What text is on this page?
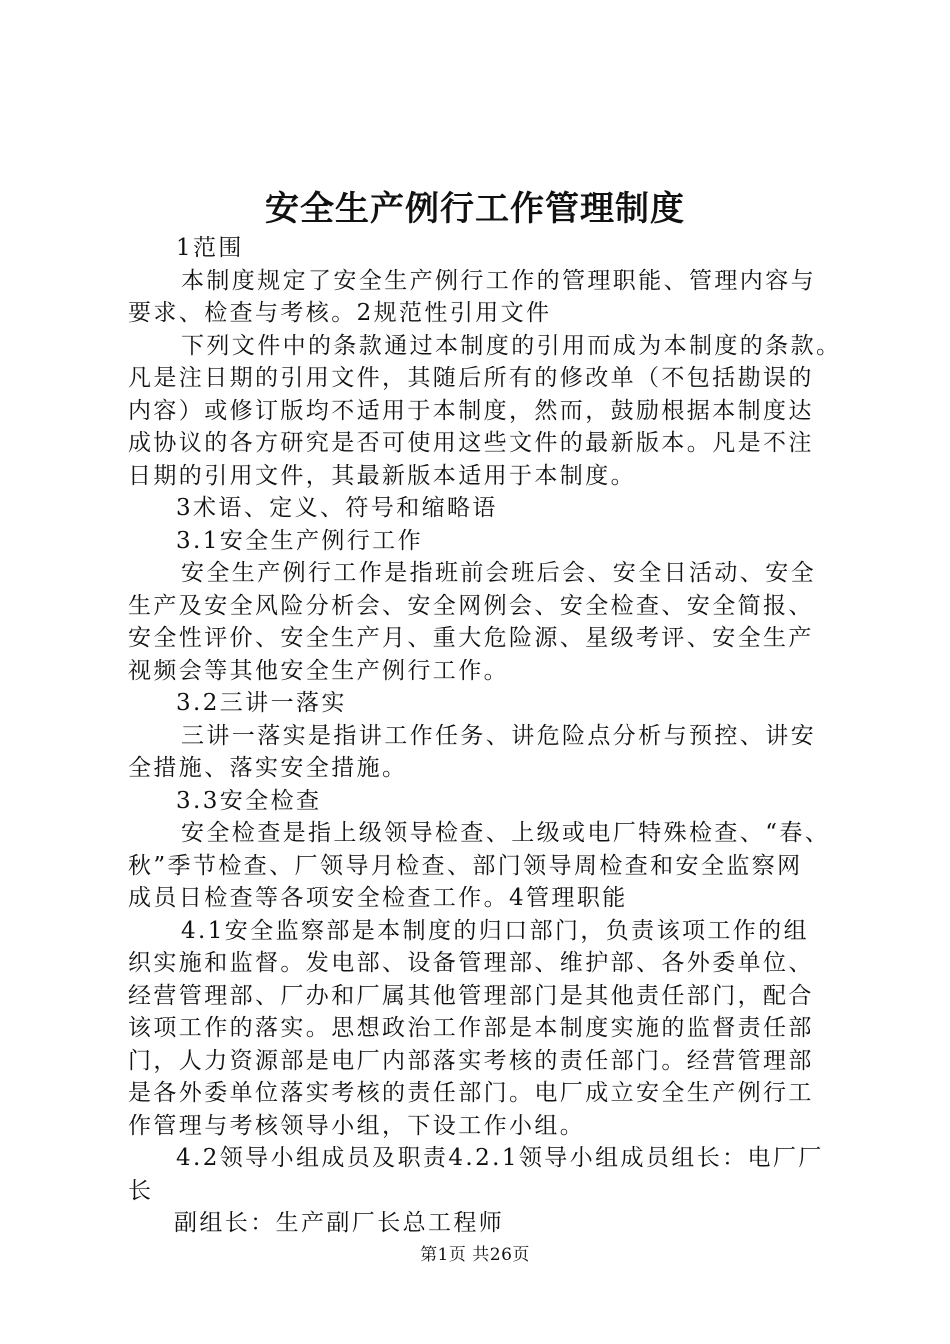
安全生产例行工作管理制度
1范围
本制度规定了安全生产例行工作的管理职能、管理内容与
要求、检查与考核。2规范性引用文件
下列文件中的条款通过本制度的引用而成为本制度的条款。
凡是注日期的引用文件，其随后所有的修改单（不包括勘误的
内容）或修订版均不适用于本制度，然而，鼓励根据本制度达
成协议的各方研究是否可使用这些文件的最新版本。凡是不注
日期的引用文件，其最新版本适用于本制度。
3术语、定义、符号和缩略语
3.1安全生产例行工作
安全生产例行工作是指班前会班后会、安全日活动、安全
生产及安全风险分析会、安全网例会、安全检查、安全简报、
安全性评价、安全生产月、重大危险源、星级考评、安全生产
视频会等其他安全生产例行工作。
3.2三讲一落实
三讲一落实是指讲工作任务、讲危险点分析与预控、讲安
全措施、落实安全措施。
3.3安全检查
安全检查是指上级领导检查、上级或电厂特殊检查、“春、
秋”季节检查、厂领导月检查、部门领导周检查和安全监察网
成员日检查等各项安全检查工作。4管理职能
4.1安全监察部是本制度的归口部门，负责该项工作的组
织实施和监督。发电部、设备管理部、维护部、各外委单位、
经营管理部、厂办和厂属其他管理部门是其他责任部门，配合
该项工作的落实。思想政治工作部是本制度实施的监督责任部
门，人力资源部是电厂内部落实考核的责任部门。经营管理部
是各外委单位落实考核的责任部门。电厂成立安全生产例行工
作管理与考核领导小组，下设工作小组。
4.2领导小组成员及职责4.2.1领导小组成员组长：电厂厂
长
副组长：生产副厂长总工程师
第1页 共26页
